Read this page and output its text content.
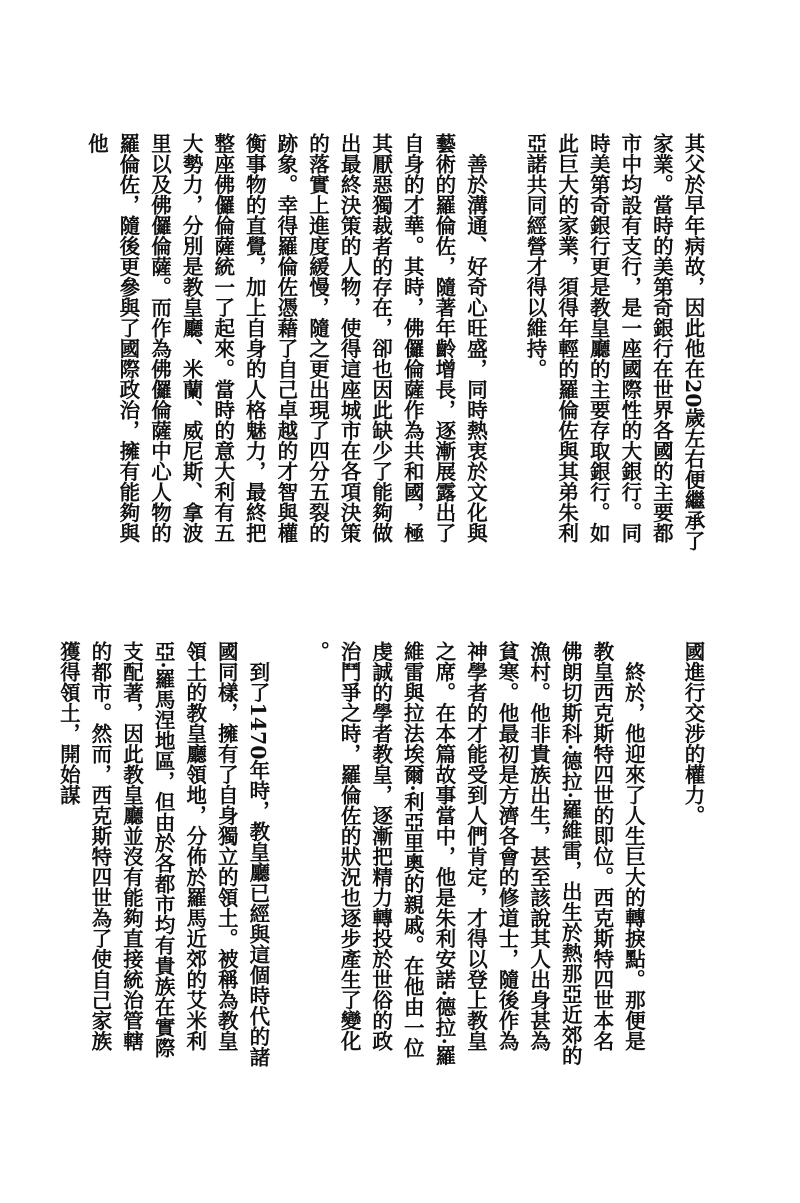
其父於早年病故，因此他在20歲左右便繼承了家業。當時的美第奇銀行在世界各國的主要都市中均設有支行，是一座國際性的大銀行。同時美第奇銀行更是教皇廳的主要存取銀行。如此巨大的家業，須得年輕的羅倫佐與其弟朱利亞諾共同經營才得以維持。

　善於溝通、好奇心旺盛，同時熱衷於文化與藝術的羅倫佐，隨著年齡增長，逐漸展露出了自身的才華。其時，佛儸倫薩作為共和國，極其厭惡獨裁者的存在，卻也因此缺少了能夠做出最終決策的人物，使得這座城市在各項決策的落實上進度緩慢，隨之更出現了四分五裂的跡象。幸得羅倫佐憑藉了自己卓越的才智與權衡事物的直覺，加上自身的人格魅力，最終把整座佛儸倫薩統一了起來。當時的意大利有五大勢力，分別是教皇廳、米蘭、威尼斯、拿波里以及佛儸倫薩。而作為佛儸倫薩中心人物的羅倫佐，隨後更參與了國際政治，擁有能夠與他

國進行交涉的權力。

　終於，他迎來了人生巨大的轉捩點。那便是教皇西克斯特四世的即位。西克斯特四世本名佛朗切斯科·德拉·羅維雷，出生於熱那亞近郊的漁村。他非貴族出生，甚至該說其人出身甚為貧寒。他最初是方濟各會的修道士，隨後作為神學者的才能受到人們肯定，才得以登上教皇之席。在本篇故事當中，他是朱利安諾·德拉·羅維雷與拉法埃爾·利亞里奧的親戚。在他由一位虔誠的學者教皇，逐漸把精力轉投於世俗的政治鬥爭之時，羅倫佐的狀況也逐步產生了變化。

　到了1470年時，教皇廳已經與這個時代的諸國同樣，擁有了自身獨立的領土。被稱為教皇領土的教皇廳領地，分佈於羅馬近郊的艾米利亞·羅馬涅地區，但由於各都市均有貴族在實際支配著，因此教皇廳並沒有能夠直接統治管轄的都市。然而，西克斯特四世為了使自己家族獲得領土，開始謀
